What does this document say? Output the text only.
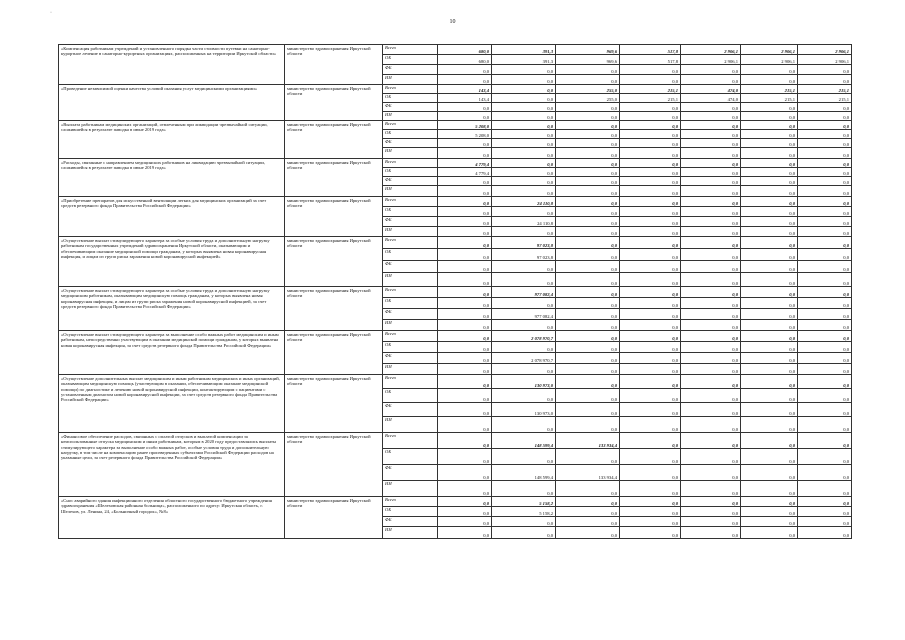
10
·
«Компенсация работникам учреждений и установленного порядка части стоимости путевки на санаторно-курортное лечение в санаторно-курортных организациях, расположенных на территории Иркутской области»	министерство здравоохранения Иркутской области	Всего	680,0	391,3	969,6	517,8	2 906,1	2 906,1	2 906,1
		ОБ	680,0	391,3	969,6	517,8	2 906,1	2 906,1	2 906,1
		ФБ	0,0	0,0	0,0	0,0	0,0	0,0	0,0
		ИИ	0,0	0,0	0,0	0,0	0,0	0,0	0,0
«Проведение независимой оценки качества условий оказания услуг медицинскими организациями»	министерство здравоохранения Иркутской области	Всего	143,4	0,0	255,0	215,1	474,0	215,1	215,1
		ОБ	143,4	0,0	255,0	215,1	474,0	215,1	215,1
		ФБ	0,0	0,0	0,0	0,0	0,0	0,0	0,0
		ИИ	0,0	0,0	0,0	0,0	0,0	0,0	0,0
«Выплата работникам медицинских организаций, отвлеченным при ликвидации чрезвычайной ситуации, сложившейся в результате паводка в июне 2019 года»	министерство здравоохранения Иркутской области	Всего	5 208,0	0,0	0,0	0,0	0,0	0,0	0,0
		ОБ	5 208,0	0,0	0,0	0,0	0,0	0,0	0,0
		ФБ	0,0	0,0	0,0	0,0	0,0	0,0	0,0
		ИИ	0,0	0,0	0,0	0,0	0,0	0,0	0,0
«Расходы, связанные с направлением медицинских работников на ликвидацию чрезвычайной ситуации, сложившейся в результате паводка в июне 2019 года»	министерство здравоохранения Иркутской области	Всего	4 779,4	0,0	0,0	0,0	0,0	0,0	0,0
		ОБ	4 779,4	0,0	0,0	0,0	0,0	0,0	0,0
		ФБ	0,0	0,0	0,0	0,0	0,0	0,0	0,0
		ИИ	0,0	0,0	0,0	0,0	0,0	0,0	0,0
«Приобретение препаратов для искусственной вентиляции легких для медицинских организаций за счет средств резервного фонда Правительства Российской Федерации»	министерство здравоохранения Иркутской области	Всего	0,0	24 110,8	0,0	0,0	0,0	0,0	0,0
		ОБ	0,0	0,0	0,0	0,0	0,0	0,0	0,0
		ФБ	0,0	24 110,8	0,0	0,0	0,0	0,0	0,0
		ИИ	0,0	0,0	0,0	0,0	0,0	0,0	0,0
«Осуществление выплат стимулирующего характера за особые условия труда и дополнительную нагрузку работникам государственных учреждений здравоохранения Иркутской области, оказывающим и обеспечивающим оказание медицинской помощи гражданам, у которых выявлена новая коронавирусная инфекция, и лицам из групп риска заражения новой коронавирусной инфекцией»	министерство здравоохранения Иркутской области	Всего	0,0	97 023,8	0,0	0,0	0,0	0,0	0,0
		ОБ	0,0	97 023,8	0,0	0,0	0,0	0,0	0,0
		ФБ	0,0	0,0	0,0	0,0	0,0	0,0	0,0
		ИИ	0,0	0,0	0,0	0,0	0,0	0,0	0,0
«Осуществление выплат стимулирующего характера за особые условия труда и дополнительную нагрузку медицинским работникам, оказывающим медицинскую помощь гражданам, у которых выявлена новая коронавирусная инфекция, и лицам из групп риска заражения новой коронавирусной инфекцией, за счет средств резервного фонда Правительства Российской Федерации»	министерство здравоохранения Иркутской области	Всего	0,0	977 082,4	0,0	0,0	0,0	0,0	0,0
		ОБ	0,0	0,0	0,0	0,0	0,0	0,0	0,0
		ФБ	0,0	977 082,4	0,0	0,0	0,0	0,0	0,0
		ИИ	0,0	0,0	0,0	0,0	0,0	0,0	0,0
«Осуществление выплат стимулирующего характера за выполнение особо важных работ медицинским и иным работникам, непосредственно участвующим в оказании медицинской помощи гражданам, у которых выявлена новая коронавирусная инфекция, за счет средств резервного фонда Правительства Российской Федерации»	министерство здравоохранения Иркутской области	Всего	0,0	2 078 970,7	0,0	0,0	0,0	0,0	0,0
		ОБ	0,0	0,0	0,0	0,0	0,0	0,0	0,0
		ФБ	0,0	2 078 970,7	0,0	0,0	0,0	0,0	0,0
		ИИ	0,0	0,0	0,0	0,0	0,0	0,0	0,0
«Осуществление дополнительных выплат медицинским и иным работникам медицинских и иных организаций, оказывающим медицинскую помощь (участвующим в оказании, обеспечивающим оказание медицинской помощи) по диагностике и лечению новой коронавирусной инфекции, контактирующим с пациентами с установленным диагнозом новой коронавирусной инфекции, за счет средств резервного фонда Правительства Российской Федерации»	министерство здравоохранения Иркутской области	Всего	0,0	130 973,0	0,0	0,0	0,0	0,0	0,0
		ОБ	0,0	0,0	0,0	0,0	0,0	0,0	0,0
		ФБ	0,0	130 973,0	0,0	0,0	0,0	0,0	0,0
		ИИ	0,0	0,0	0,0	0,0	0,0	0,0	0,0
«Финансовое обеспечение расходов, связанных с оплатой отпусков и выплатой компенсации за неиспользованные отпуска медицинским и иным работникам, которым в 2020 году предоставлялись выплаты стимулирующего характера за выполнение особо важных работ, особые условия труда и дополнительную нагрузку, в том числе на компенсацию ранее произведенных субъектами Российской Федерации расходов на указанные цели, за счет резервного фонда Правительства Российской Федерации»	министерство здравоохранения Иркутской области	Всего	0,0	148 599,4	133 934,4	0,0	0,0	0,0	0,0
		ОБ	0,0	0,0	0,0	0,0	0,0	0,0	0,0
		ФБ	0,0	148 599,4	133 934,4	0,0	0,0	0,0	0,0
		ИИ	0,0	0,0	0,0	0,0	0,0	0,0	0,0
«Снос аварийного здания инфекционного отделения областного государственного бюджетного учреждения здравоохранения «Шелеховская районная больница», расположенного по адресу: Иркутская область, г. Шелехов, ул. Ленина, 24, «Больничный городок», №8»	министерство здравоохранения Иркутской области	Всего	0,0	5 158,2	0,0	0,0	0,0	0,0	0,0
		ОБ	0,0	5 158,2	0,0	0,0	0,0	0,0	0,0
		ФБ	0,0	0,0	0,0	0,0	0,0	0,0	0,0
		ИИ	0,0	0,0	0,0	0,0	0,0	0,0	0,0
